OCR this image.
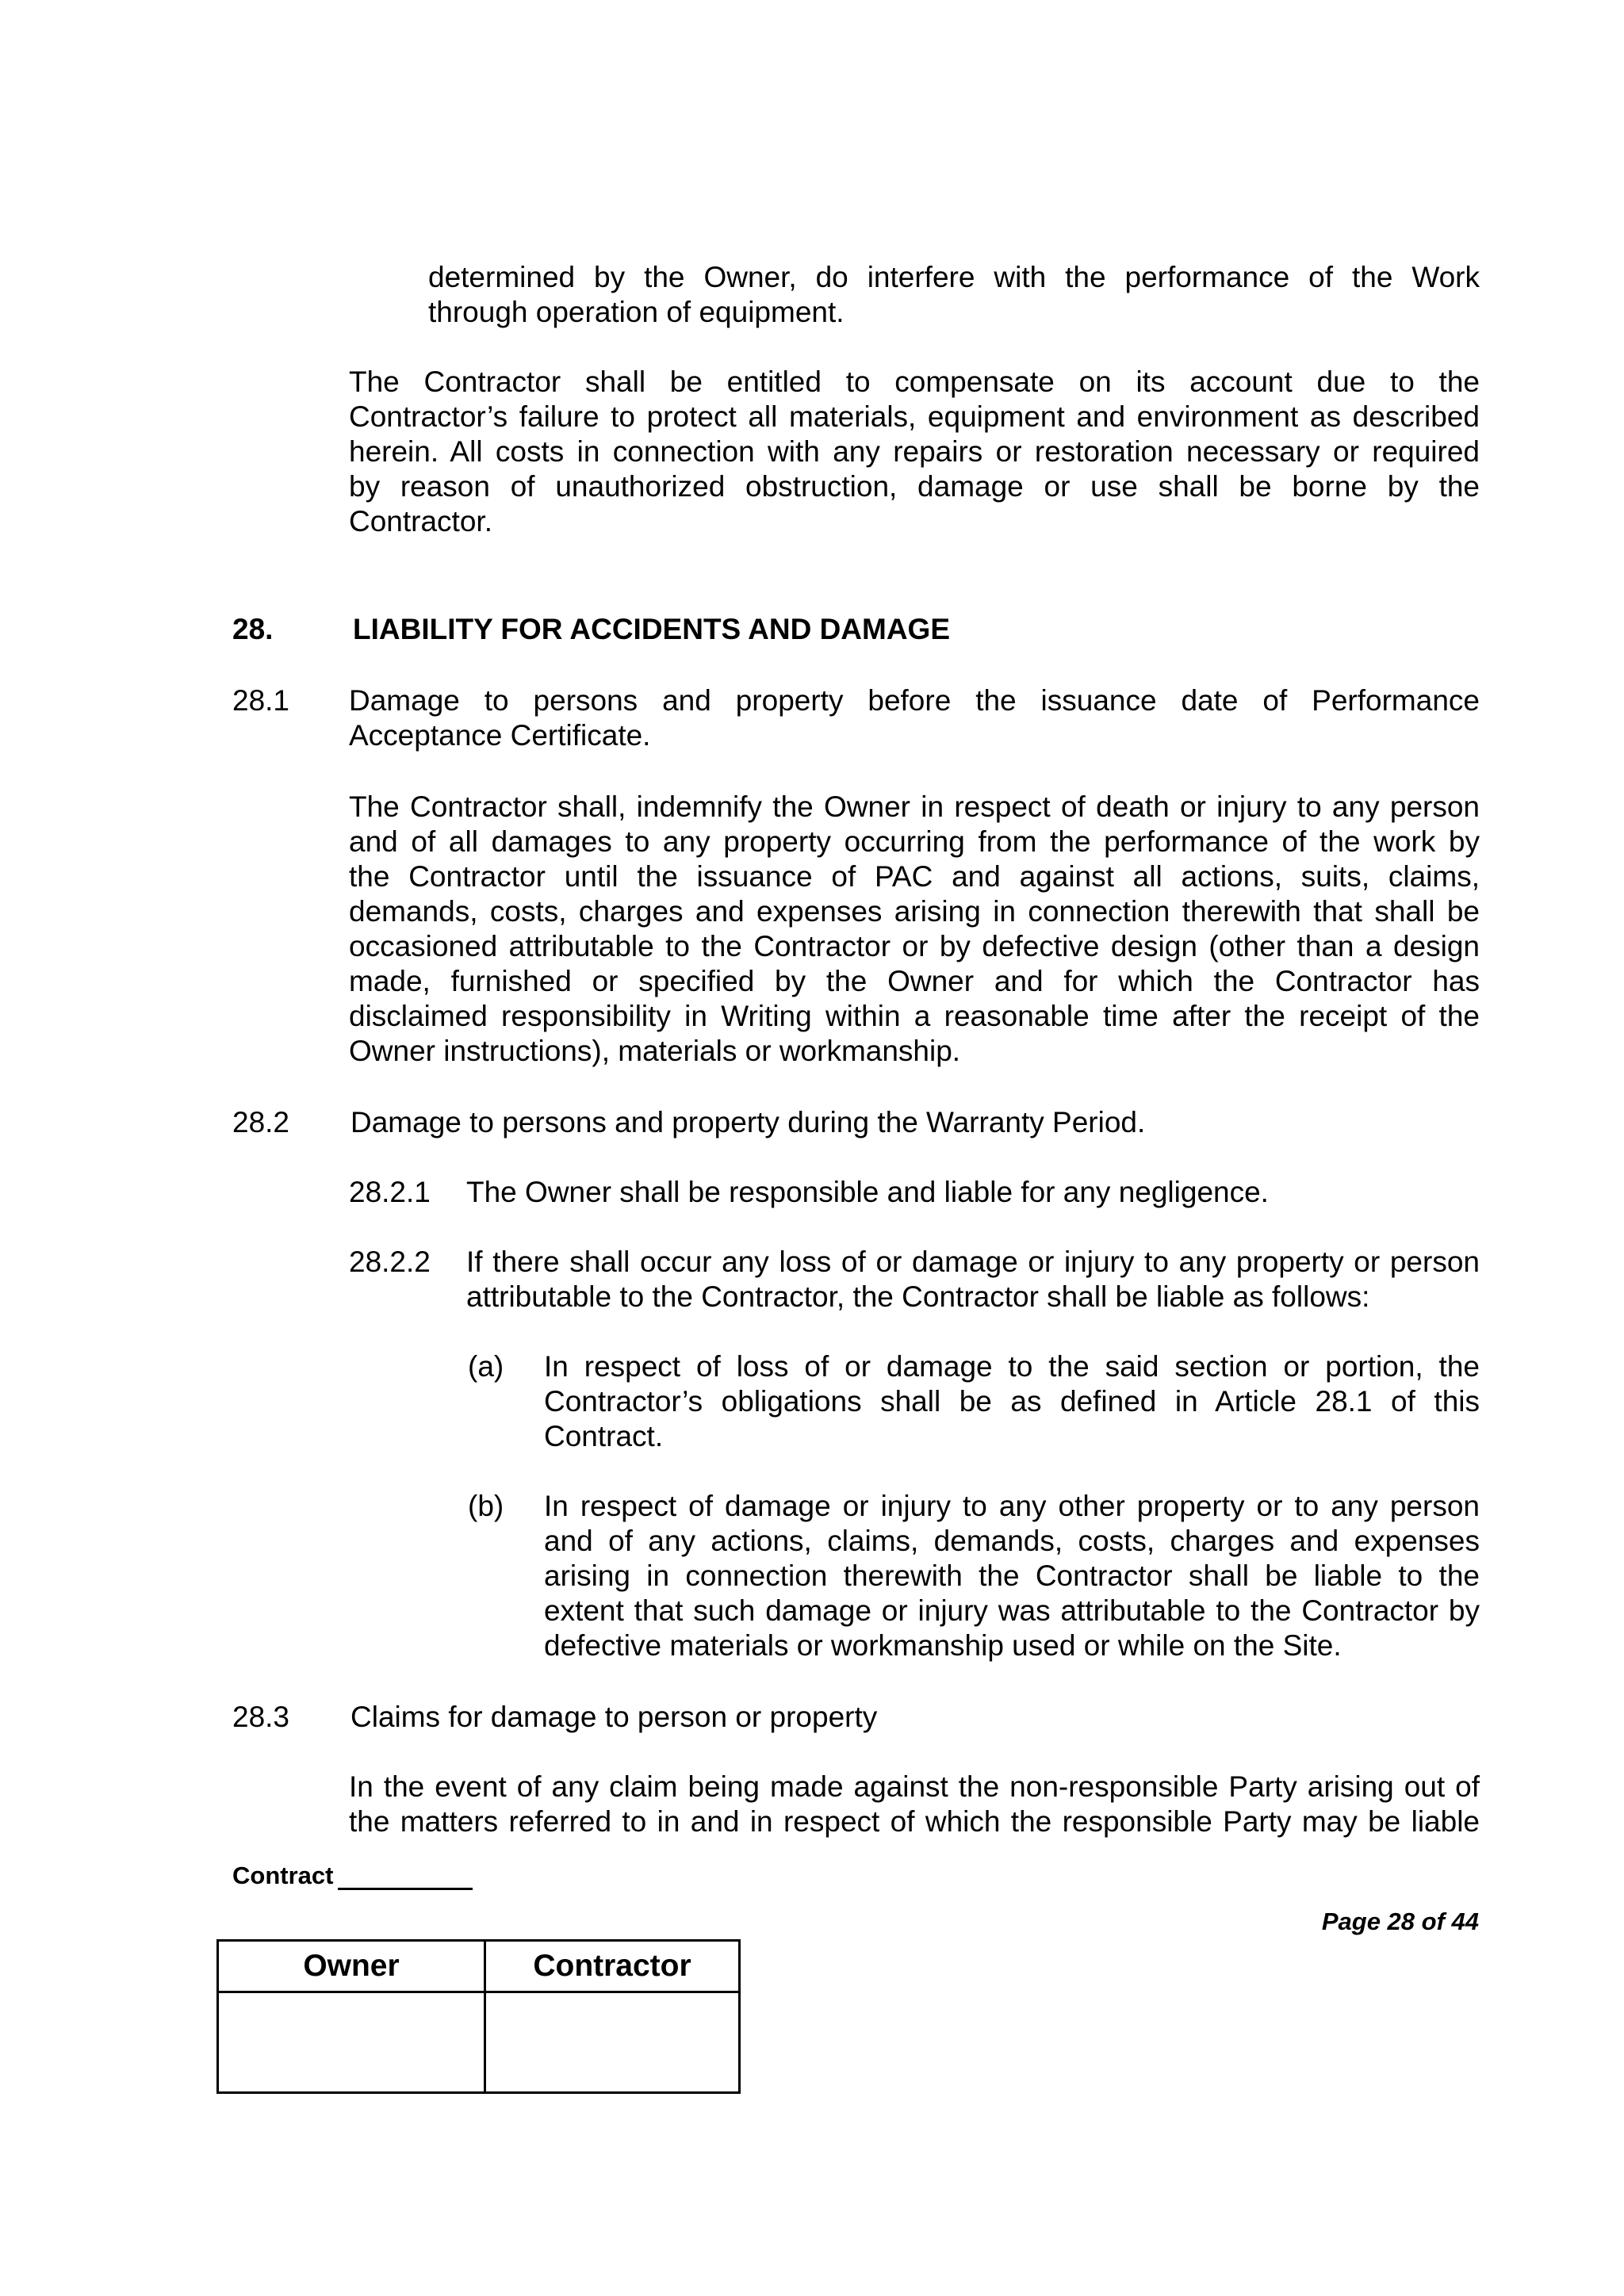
determined by the Owner, do interfere with the performance of the Work
through operation of equipment.
The Contractor shall be entitled to compensate on its account due to the
Contractor’s failure to protect all materials, equipment and environment as described
herein. All costs in connection with any repairs or restoration necessary or required
by reason of unauthorized obstruction, damage or use shall be borne by the
Contractor.
28.	LIABILITY FOR ACCIDENTS AND DAMAGE
28.1 Damage to persons and property before the issuance date of Performance
Acceptance Certificate.
The Contractor shall, indemnify the Owner in respect of death or injury to any person
and of all damages to any property occurring from the performance of the work by
the Contractor until the issuance of PAC and against all actions, suits, claims,
demands, costs, charges and expenses arising in connection therewith that shall be
occasioned attributable to the Contractor or by defective design (other than a design
made, furnished or specified by the Owner and for which the Contractor has
disclaimed responsibility in Writing within a reasonable time after the receipt of the
Owner instructions), materials or workmanship.
28.2 Damage to persons and property during the Warranty Period.
28.2.1 The Owner shall be responsible and liable for any negligence.
28.2.2 If there shall occur any loss of or damage or injury to any property or person
attributable to the Contractor, the Contractor shall be liable as follows:
(a) In respect of loss of or damage to the said section or portion, the
Contractor’s obligations shall be as defined in Article 28.1 of this
Contract.
(b) In respect of damage or injury to any other property or to any person
and of any actions, claims, demands, costs, charges and expenses
arising in connection therewith the Contractor shall be liable to the
extent that such damage or injury was attributable to the Contractor by
defective materials or workmanship used or while on the Site.
28.3 Claims for damage to person or property
In the event of any claim being made against the non-responsible Party arising out of
the matters referred to in and in respect of which the responsible Party may be liable
Contract
Page 28 of 44
Owner	Contractor
